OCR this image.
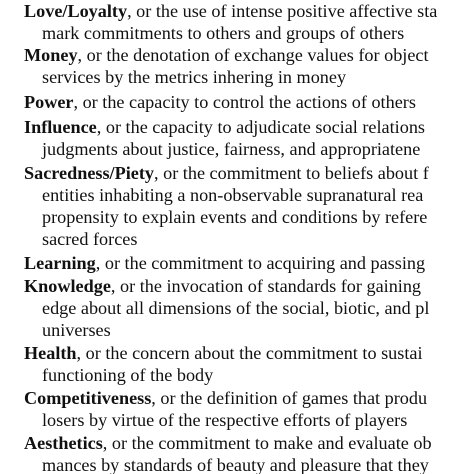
Love/Loyalty, or the use of intense positive affective sta
mark commitments to others and groups of others
Money, or the denotation of exchange values for object
services by the metrics inhering in money
Power, or the capacity to control the actions of others
Influence, or the capacity to adjudicate social relations
judgments about justice, fairness, and appropriatene
Sacredness/Piety, or the commitment to beliefs about f
entities inhabiting a non-observable supranatural rea
propensity to explain events and conditions by refere
sacred forces
Learning, or the commitment to acquiring and passing
Knowledge, or the invocation of standards for gaining
edge about all dimensions of the social, biotic, and pl
universes
Health, or the concern about the commitment to sustai
functioning of the body
Competitiveness, or the definition of games that produ
losers by virtue of the respective efforts of players
Aesthetics, or the commitment to make and evaluate ob
mances by standards of beauty and pleasure that they
